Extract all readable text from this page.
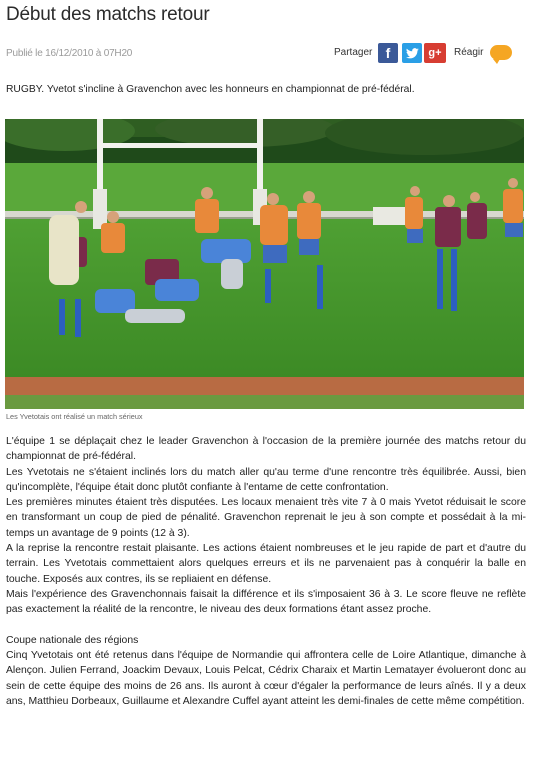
Début des matchs retour
Publié le 16/12/2010 à 07H20	Partager f	g+ Réagir

RUGBY. Yvetot s'incline à Gravenchon avec les honneurs en championnat de pré-fédéral.

Les Yvetotais ont réalisé un match sérieux

L'équipe 1 se déplaçait chez le leader Gravenchon à l'occasion de la première journée des matchs retour du championnat de pré-fédéral.

Les Yvetotais ne s'étaient inclinés lors du match aller qu'au terme d'une rencontre très équilibrée. Aussi, bien qu'incomplète, l'équipe était donc plutôt confiante à l'entame de cette confrontation.

Les premières minutes étaient très disputées. Les locaux menaient très vite 7 à 0 mais Yvetot réduisait le score en transformant un coup de pied de pénalité. Gravenchon reprenait le jeu à son compte et possédait à la mi-temps un avantage de 9 points (12 à 3).

A la reprise la rencontre restait plaisante. Les actions étaient nombreuses et le jeu rapide de part et d'autre du terrain. Les Yvetotais commettaient alors quelques erreurs et ils ne parvenaient pas à conquérir la balle en touche. Exposés aux contres, ils se repliaient en défense.

Mais l'expérience des Gravenchonnais faisait la différence et ils s'imposaient 36 à 3. Le score fleuve ne reflète pas exactement la réalité de la rencontre, le niveau des deux formations étant assez proche.

Coupe nationale des régions

Cinq Yvetotais ont été retenus dans l'équipe de Normandie qui affrontera celle de Loire Atlantique, dimanche à Alençon. Julien Ferrand, Joackim Devaux, Louis Pelcat, Cédrix Charaix et Martin Lematayer évolueront donc au sein de cette équipe des moins de 26 ans. Ils auront à cœur d'égaler la performance de leurs aînés. Il y a deux ans, Matthieu Dorbeaux, Guillaume et Alexandre Cuffel ayant atteint les demi-finales de cette même compétition.
